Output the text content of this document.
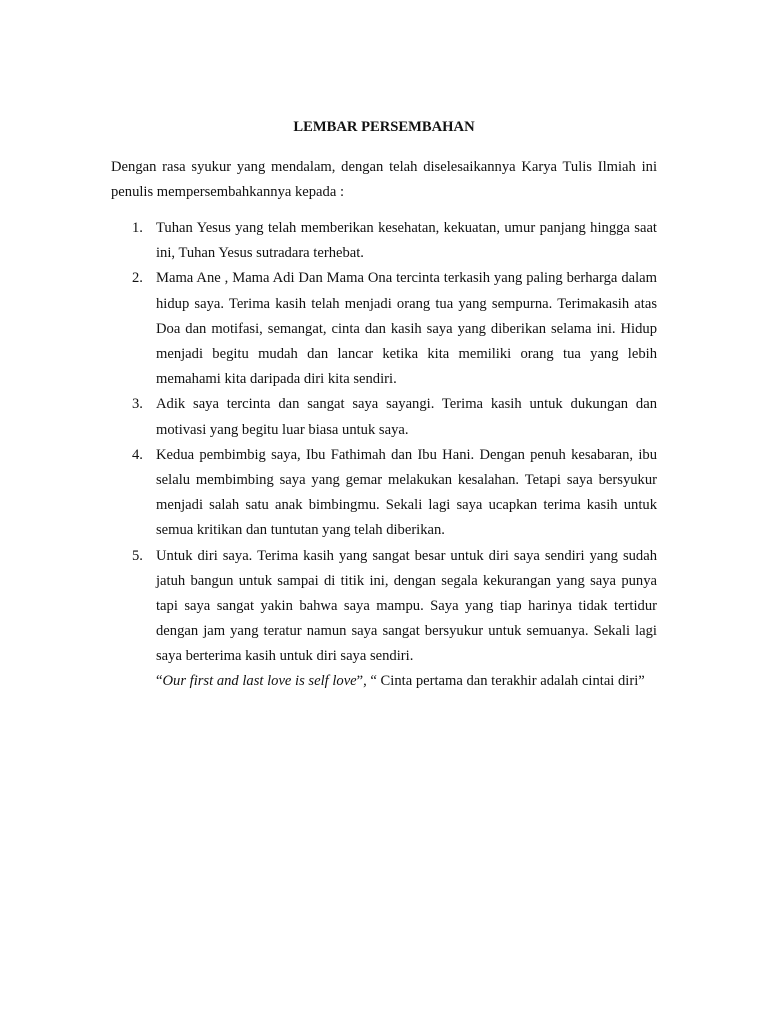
LEMBAR PERSEMBAHAN

Dengan rasa syukur yang mendalam, dengan telah diselesaikannya Karya Tulis Ilmiah ini penulis mempersembahkannya kepada :

1. Tuhan Yesus yang telah memberikan kesehatan, kekuatan, umur panjang hingga saat ini, Tuhan Yesus sutradara terhebat.
2. Mama Ane , Mama Adi Dan Mama Ona tercinta terkasih yang paling berharga dalam hidup saya. Terima kasih telah menjadi orang tua yang sempurna. Terimakasih atas Doa dan motifasi, semangat, cinta dan kasih saya yang diberikan selama ini. Hidup menjadi begitu mudah dan lancar ketika kita memiliki orang tua yang lebih memahami kita daripada diri kita sendiri.
3. Adik saya tercinta dan sangat saya sayangi. Terima kasih untuk dukungan dan motivasi yang begitu luar biasa untuk saya.
4. Kedua pembimbig saya, Ibu Fathimah dan Ibu Hani. Dengan penuh kesabaran, ibu selalu membimbing saya yang gemar melakukan kesalahan. Tetapi saya bersyukur menjadi salah satu anak bimbingmu. Sekali lagi saya ucapkan terima kasih untuk semua kritikan dan tuntutan yang telah diberikan.
5. Untuk diri saya. Terima kasih yang sangat besar untuk diri saya sendiri yang sudah jatuh bangun untuk sampai di titik ini, dengan segala kekurangan yang saya punya tapi saya sangat yakin bahwa saya mampu. Saya yang tiap harinya tidak tertidur dengan jam yang teratur namun saya sangat bersyukur untuk semuanya. Sekali lagi saya berterima kasih untuk diri saya sendiri.
“Our first and last love is self love”, “ Cinta pertama dan terakhir adalah cintai diri”
